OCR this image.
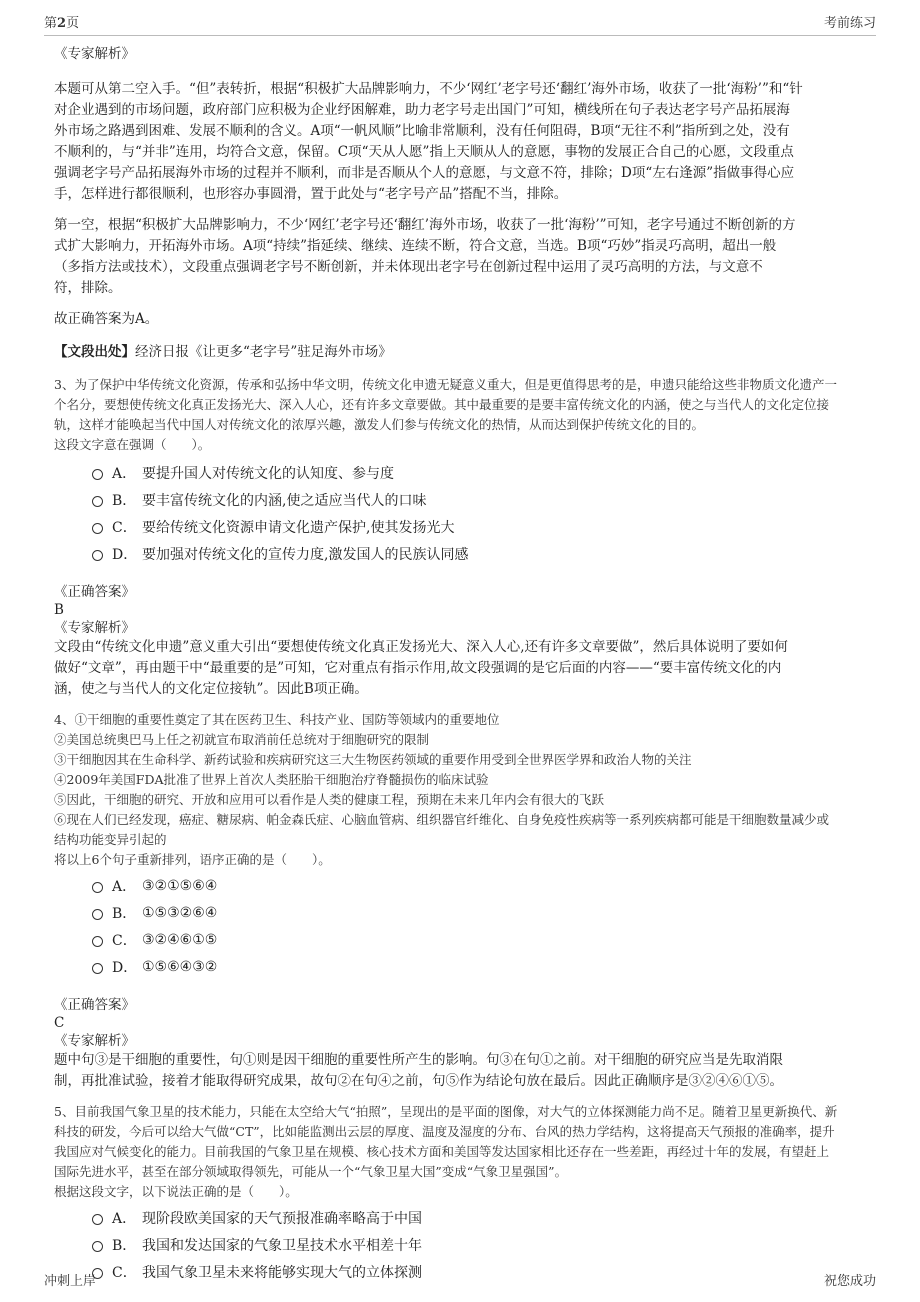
第2页	考前练习

《专家解析》

本题可从第二空入手。“但”表转折，根据“积极扩大品牌影响力，不少‘网红’老字号还‘翻红’海外市场，收获了一批‘海粉’”和“针

对企业遇到的市场问题，政府部门应积极为企业纾困解难，助力老字号走出国门”可知，横线所在句子表达老字号产品拓展海

外市场之路遇到困难、发展不顺利的含义。A项“一帆风顺”比喻非常顺利，没有任何阻碍，B项“无往不利”指所到之处，没有

不顺利的，与“并非”连用，均符合文意，保留。C项“天从人愿”指上天顺从人的意愿，事物的发展正合自己的心愿，文段重点

强调老字号产品拓展海外市场的过程并不顺利，而非是否顺从个人的意愿，与文意不符，排除；D项“左右逢源”指做事得心应

手，怎样进行都很顺利，也形容办事圆滑，置于此处与“老字号产品”搭配不当，排除。

第一空，根据“积极扩大品牌影响力，不少‘网红’老字号还‘翻红’海外市场，收获了一批‘海粉’”可知，老字号通过不断创新的方

式扩大影响力，开拓海外市场。A项“持续”指延续、继续、连续不断，符合文意，当选。B项“巧妙”指灵巧高明，超出一般

（多指方法或技术），文段重点强调老字号不断创新，并未体现出老字号在创新过程中运用了灵巧高明的方法，与文意不

符，排除。

故正确答案为A。

【文段出处】经济日报《让更多“老字号”驻足海外市场》

3、为了保护中华传统文化资源，传承和弘扬中华文明，传统文化申遗无疑意义重大，但是更值得思考的是，申遗只能给这些非物质文化遗产一

个名分，要想使传统文化真正发扬光大、深入人心，还有许多文章要做。其中最重要的是要丰富传统文化的内涵，使之与当代人的文化定位接

轨，这样才能唤起当代中国人对传统文化的浓厚兴趣，激发人们参与传统文化的热情，从而达到保护传统文化的目的。

这段文字意在强调（　　）。

A． 要提升国人对传统文化的认知度、参与度
B． 要丰富传统文化的内涵,使之适应当代人的口味
C． 要给传统文化资源申请文化遗产保护,使其发扬光大
D． 要加强对传统文化的宣传力度,激发国人的民族认同感

《正确答案》

B

《专家解析》

文段由“传统文化申遗”意义重大引出“要想使传统文化真正发扬光大、深入人心,还有许多文章要做”，然后具体说明了要如何

做好“文章”，再由题干中“最重要的是”可知，它对重点有指示作用,故文段强调的是它后面的内容——“要丰富传统文化的内

涵，使之与当代人的文化定位接轨”。因此B项正确。

4、①干细胞的重要性奠定了其在医药卫生、科技产业、国防等领域内的重要地位

②美国总统奥巴马上任之初就宣布取消前任总统对于细胞研究的限制

③干细胞因其在生命科学、新药试验和疾病研究这三大生物医药领域的重要作用受到全世界医学界和政治人物的关注

④2009年美国FDA批准了世界上首次人类胚胎干细胞治疗脊髓损伤的临床试验

⑤因此，干细胞的研究、开放和应用可以看作是人类的健康工程，预期在未来几年内会有很大的飞跃

⑥现在人们已经发现，癌症、糖尿病、帕金森氏症、心脑血管病、组织器官纤维化、自身免疫性疾病等一系列疾病都可能是干细胞数量减少或

结构功能变异引起的

将以上6个句子重新排列，语序正确的是（　　）。

A． ③②①⑤⑥④
B． ①⑤③②⑥④
C． ③②④⑥①⑤
D． ①⑤⑥④③②

《正确答案》

C

《专家解析》

题中句③是干细胞的重要性，句①则是因干细胞的重要性所产生的影响。句③在句①之前。对干细胞的研究应当是先取消限

制，再批准试验，接着才能取得研究成果，故句②在句④之前，句⑤作为结论句放在最后。因此正确顺序是③②④⑥①⑤。

5、目前我国气象卫星的技术能力，只能在太空给大气“拍照”，呈现出的是平面的图像，对大气的立体探测能力尚不足。随着卫星更新换代、新

科技的研发，今后可以给大气做“CT”，比如能监测出云层的厚度、温度及湿度的分布、台风的热力学结构，这将提高天气预报的准确率，提升

我国应对气候变化的能力。目前我国的气象卫星在规模、核心技术方面和美国等发达国家相比还存在一些差距，再经过十年的发展，有望赶上

国际先进水平，甚至在部分领域取得领先，可能从一个“气象卫星大国”变成“气象卫星强国”。

根据这段文字，以下说法正确的是（　　）。

A． 现阶段欧美国家的天气预报准确率略高于中国
B． 我国和发达国家的气象卫星技术水平相差十年
C． 我国气象卫星未来将能够实现大气的立体探测
冲刺上岸	祝您成功
